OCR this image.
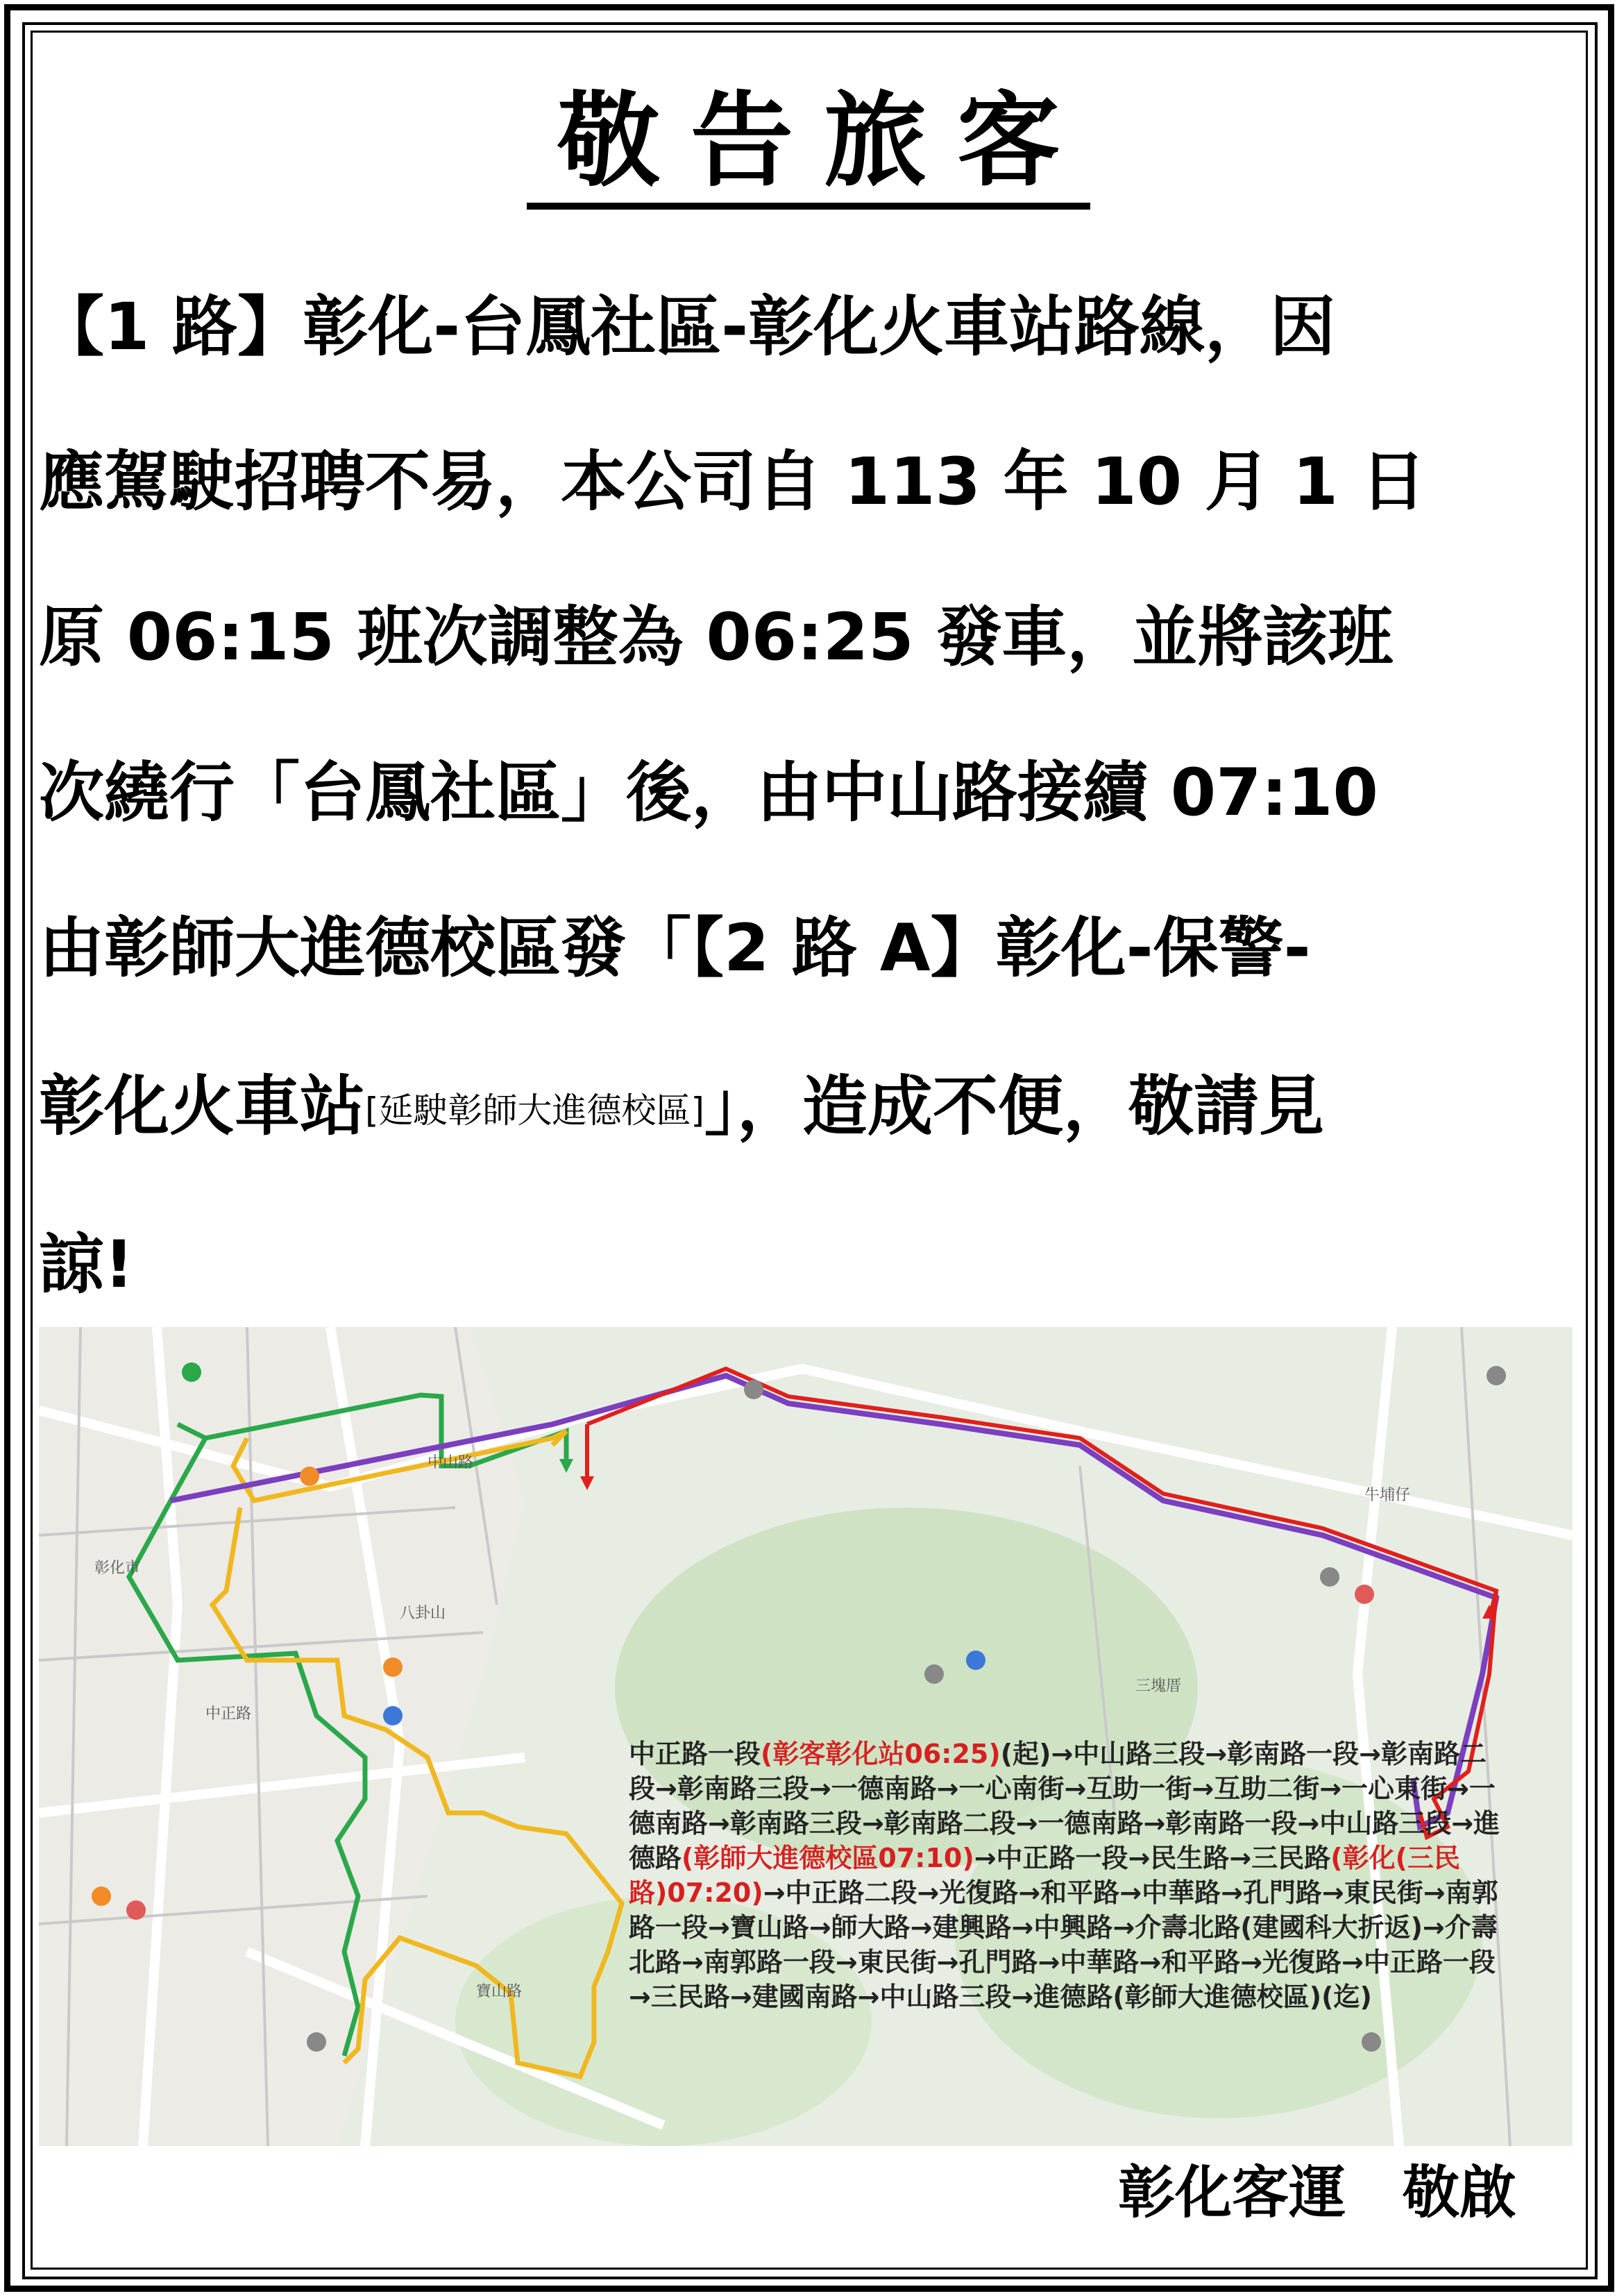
敬告旅客
【1 路】彰化-台鳳社區-彰化火車站路線，因
應駕駛招聘不易，本公司自 113 年 10 月 1 日
原 06:15 班次調整為 06:25 發車，並將該班
次繞行「台鳳社區」後，由中山路接續 07:10
由彰師大進德校區發「【2 路 A】彰化-保警-
彰化火車站[延駛彰師大進德校區]」，造成不便，敬請見
諒!
中山路
八卦山
寶山路
彰化市
牛埔仔
三塊厝
中正路
中正路一段(彰客彰化站06:25)(起)→中山路三段→彰南路一段→彰南路二段→彰南路三段→一德南路→一心南街→互助一街→互助二街→一心東街→一德南路→彰南路三段→彰南路二段→一德南路→彰南路一段→中山路三段→進德路(彰師大進德校區07:10)→中正路一段→民生路→三民路(彰化(三民路)07:20)→中正路二段→光復路→和平路→中華路→孔門路→東民街→南郭路一段→寶山路→師大路→建興路→中興路→介壽北路(建國科大折返)→介壽北路→南郭路一段→東民街→孔門路→中華路→和平路→光復路→中正路一段→三民路→建國南路→中山路三段→進德路(彰師大進德校區)(迄)
彰化客運　敬啟
